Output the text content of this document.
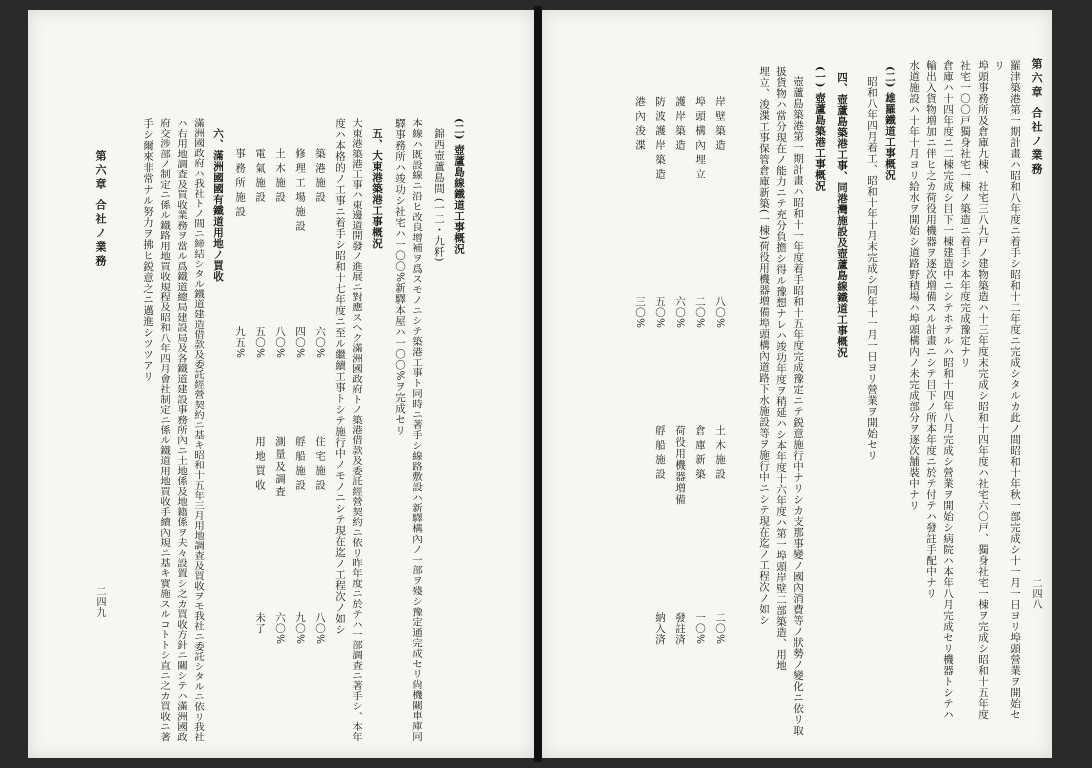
第六章 合社ノ業務
二四八
羅津築港第一期計畫ハ昭和八年度ニ着手シ昭和十二年度ニ完成シタルカ此ノ間昭和十年秋一部完成シ十一月一日ヨリ埠頭營業ヲ開始セ
リ
埠頭事務所及倉庫九棟、社宅三八九戸ノ建物築造ハ十三年度末完成シ昭和十四年度ハ社宅六〇戸、獨身社宅一棟ヲ完成シ昭和十五年度
社宅一〇〇戸獨身社宅一棟ノ築造ニ着手シ本年度完成豫定ナリ
倉庫ハ十四年度ニ二棟完成シ目下一棟建造中ニシテホテルハ昭和十四年八月完成シ營業ヲ開始シ病院ハ本年八月完成セリ機器トシテハ
輸出入貨物増加ニ伴ヒ之カ荷役用機器ヲ逐次増備スル計畫ニシテ目下ノ所本年度ニ於テ付テハ發註手配中ナリ
水道施設ハ十年十月ヨリ給水ヲ開始シ道路野積場ハ埠頭構内ノ未完成部分ヲ逐次舗裝中ナリ
(二) 雄羅鐵道工事概況
昭和八年四月着工、昭和十年十月末完成シ同年十一月一日ヨリ營業ヲ開始セリ
四、壺蘆島築港工事、同港灣施設及壺蘆島線鐵道工事概況
(一) 壺蘆島築港工事概況
壺蘆島築港第一期計畫ハ昭和十一年度着手昭和十五年度完成豫定ニテ鋭意施行中ナリシカ支那事變ノ國內消費等ノ狀勢ノ變化ニ依リ取
扱貨物ハ當分現在ノ能力ニテ充分負擔シ得ル豫想ナレハ竣功年度ヲ稍延ハシ本年度十六年度ハ第一埠頭岸壁二部築造、用地
埋立、浚渫工事保管倉庫新築(一棟)荷役用機器増備埠頭構內道路下水施設等ヲ施行中ニシテ現在迄ノ工程次ノ如シ
岸壁築造
八〇%
埠頭構內埋立
二〇%
護岸築造
六〇%
防波護岸築造
五〇%
港內浚渫
三〇%
土木施設
二〇%
倉庫新築
一〇%
荷役用機器増備
發註済
艀船施設
納入済
(二) 壺蘆島線鐵道工事概況
錦西壺蘆島間 (一二・九粁)
本線ハ既設線ニ沿ヒ改良增補ヲ爲スモノニシテ築港工事ト同時ニ著手シ線路敷設ハ新驛構內ノ一部ヲ殘シ豫定通完成セリ尙機關車庫同
驛事務所ハ竣功シ社宅ハ一〇〇%新驛本屋ハ一〇〇%ヲ完成セリ
五、大東港築港工事概況
大東港築港工事ハ東邊道開發ノ進展ニ對應スヘク滿洲國政府トノ築港借款及委託經營契約ニ依リ昨年度ニ於テハ一部調査ニ著手シ、本年
度ハ本格的ノ工事ニ着手シ昭和十七年度ニ至ル繼續工事トシテ施行中ノモノニシテ現在迄ノ工程次ノ如シ
築港施設
六〇%
修理工場施設
四〇%
土木施設
八〇%
電氣施設
五〇%
事務所施設
九五%
住宅施設
八〇%
艀船施設
九〇%
測量及調査
六〇%
用地買收
未了
六、滿洲國國有鐵道用地ノ買收
滿洲國政府ハ我社トノ間ニ締結シタル鐵道建造借款及委託經營契約ニ基キ昭和十五年三月用地調査及買收ヲモ我社ニ委託シタルニ依リ我社
ハ右用地調査及買收業務ヲ當ル爲鐵道總局建設局及各鐵道建設事務所內ニ土地係及地籍係ヲ夫々設置シ之カ買收方針ニ關シテハ滿洲國政
府交涉部ノ制定ニ係ル鐵路用地買收規程及昭和八年四月會社制定ニ係ル鐵道用地買收手續內規ニ基キ實施スルコトトシ直ニ之カ買收ニ著
手シ爾來非常ナル努力ヲ拂ヒ鋭意之ニ邁進シツツアリ
第六章 合社ノ業務
二四九
